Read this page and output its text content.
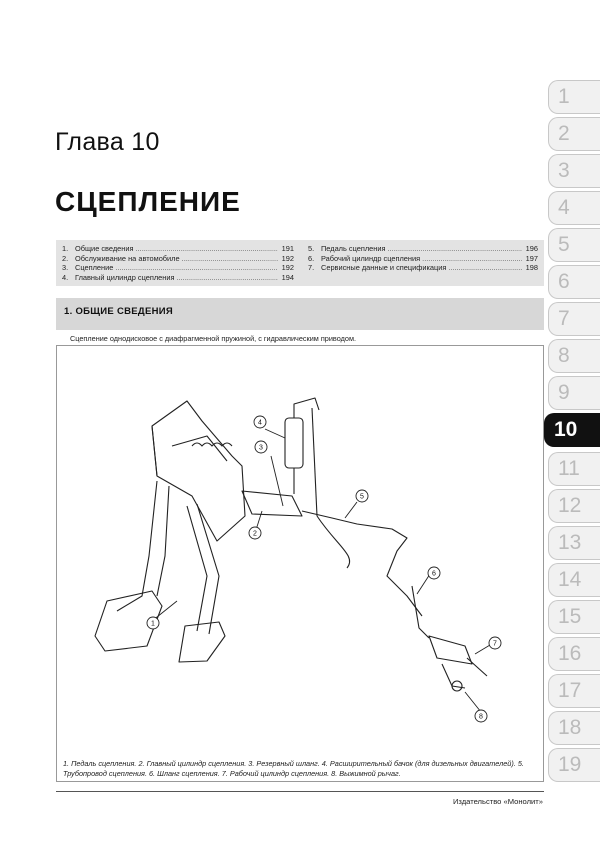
Глава 10
СЦЕПЛЕНИЕ
1. Общие сведения .....	191
2. Обслуживание на автомобиле .....	192
3. Сцепление .....	192
4. Главный цилиндр сцепления .....	194
5. Педаль сцепления .....	196
6. Рабочий цилиндр сцепления .....	197
7. Сервисные данные и спецификация .....	198
1. ОБЩИЕ СВЕДЕНИЯ
Сцепление однодисковое с диафрагменной пружиной, с гидравлическим приводом.
1
2
3
4
5
6
7
8
1. Педаль сцепления. 2. Главный цилиндр сцепления. 3. Резервный шланг. 4. Расширительный бачок (для дизельных двигателей). 5. Трубопровод сцепления. 6. Шланг сцепления. 7. Рабочий цилиндр сцепления. 8. Выжимной рычаг.
Издательство «Монолит»
1
2
3
4
5
6
7
8
9
10
11
12
13
14
15
16
17
18
19
